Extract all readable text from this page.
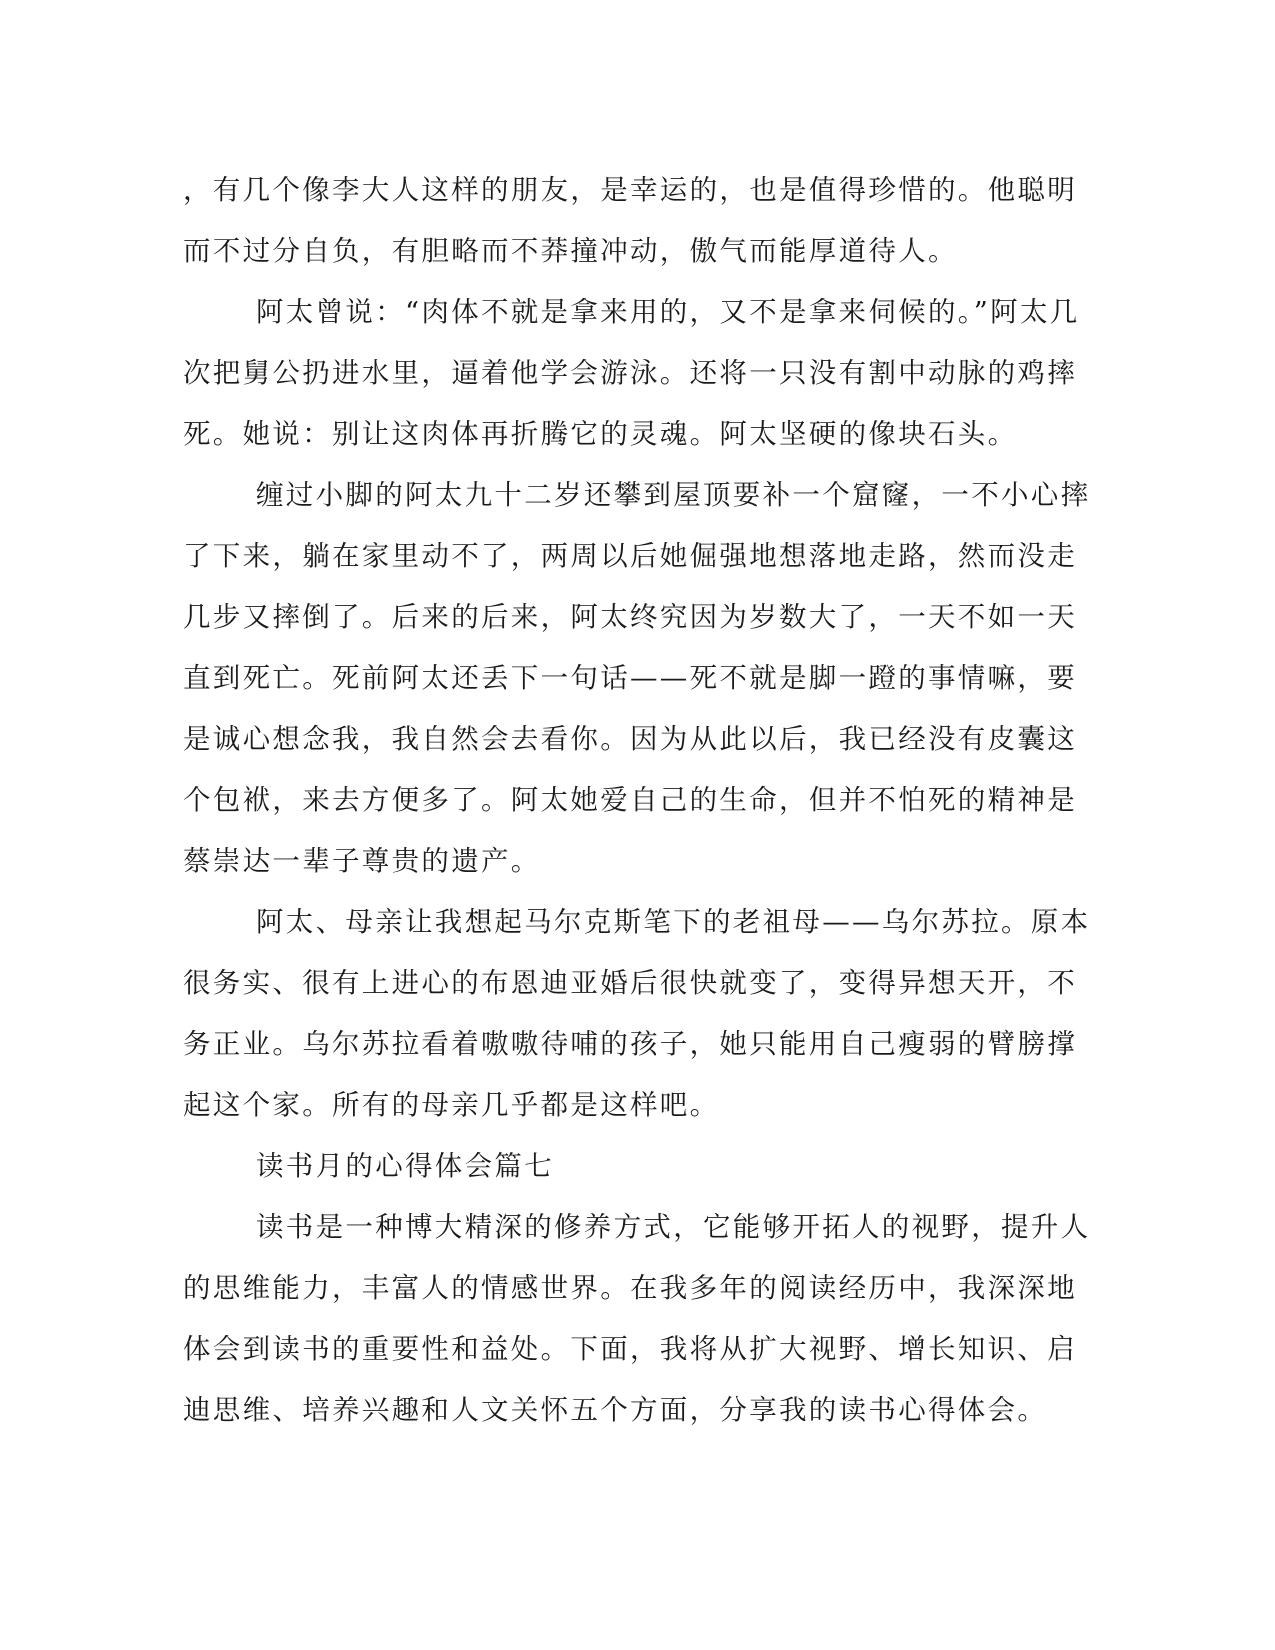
，有几个像李大人这样的朋友，是幸运的，也是值得珍惜的。他聪明

而不过分自负，有胆略而不莽撞冲动，傲气而能厚道待人。

阿太曾说：“肉体不就是拿来用的，又不是拿来伺候的。”阿太几

次把舅公扔进水里，逼着他学会游泳。还将一只没有割中动脉的鸡摔

死。她说：别让这肉体再折腾它的灵魂。阿太坚硬的像块石头。

缠过小脚的阿太九十二岁还攀到屋顶要补一个窟窿，一不小心摔

了下来，躺在家里动不了，两周以后她倔强地想落地走路，然而没走

几步又摔倒了。后来的后来，阿太终究因为岁数大了，一天不如一天

直到死亡。死前阿太还丢下一句话——死不就是脚一蹬的事情嘛，要

是诚心想念我，我自然会去看你。因为从此以后，我已经没有皮囊这

个包袱，来去方便多了。阿太她爱自己的生命，但并不怕死的精神是

蔡崇达一辈子尊贵的遗产。

阿太、母亲让我想起马尔克斯笔下的老祖母——乌尔苏拉。原本

很务实、很有上进心的布恩迪亚婚后很快就变了，变得异想天开，不

务正业。乌尔苏拉看着嗷嗷待哺的孩子，她只能用自己瘦弱的臂膀撑

起这个家。所有的母亲几乎都是这样吧。

读书月的心得体会篇七

读书是一种博大精深的修养方式，它能够开拓人的视野，提升人

的思维能力，丰富人的情感世界。在我多年的阅读经历中，我深深地

体会到读书的重要性和益处。下面，我将从扩大视野、增长知识、启

迪思维、培养兴趣和人文关怀五个方面，分享我的读书心得体会。
